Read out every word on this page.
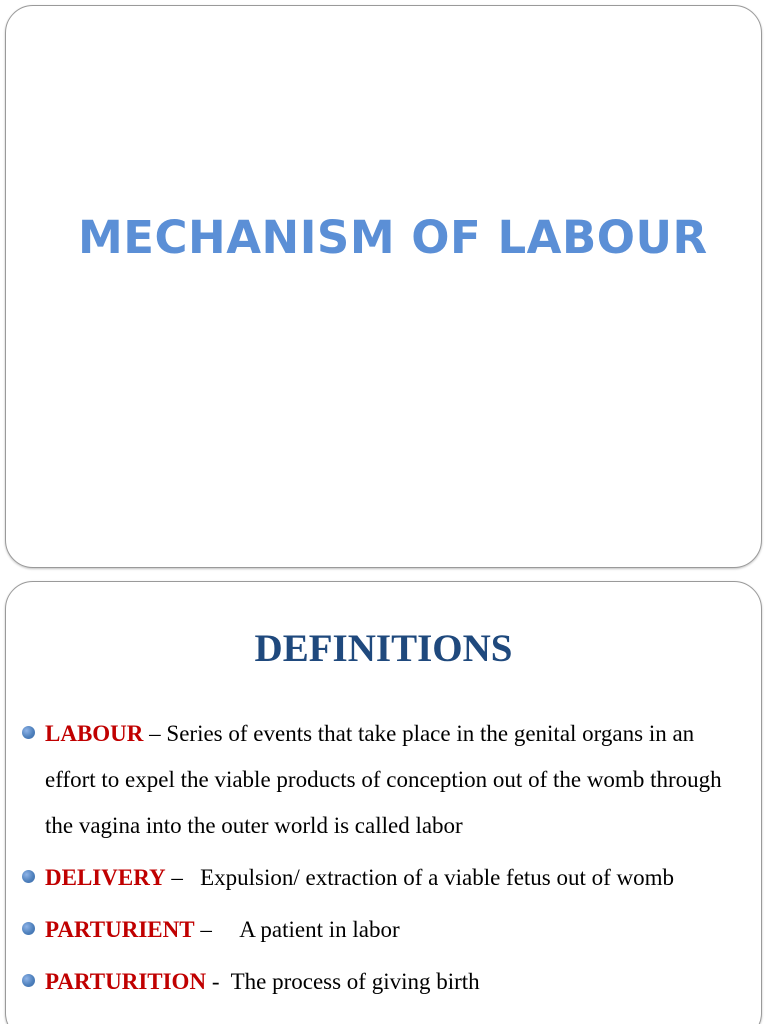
MECHANISM OF LABOUR
DEFINITIONS
LABOUR – Series of events that take place in the genital organs in an effort to expel the viable products of conception out of the womb through the vagina into the outer world is called labor
DELIVERY –   Expulsion/ extraction of a viable fetus out of womb
PARTURIENT –     A patient in labor
PARTURITION -  The process of giving birth
